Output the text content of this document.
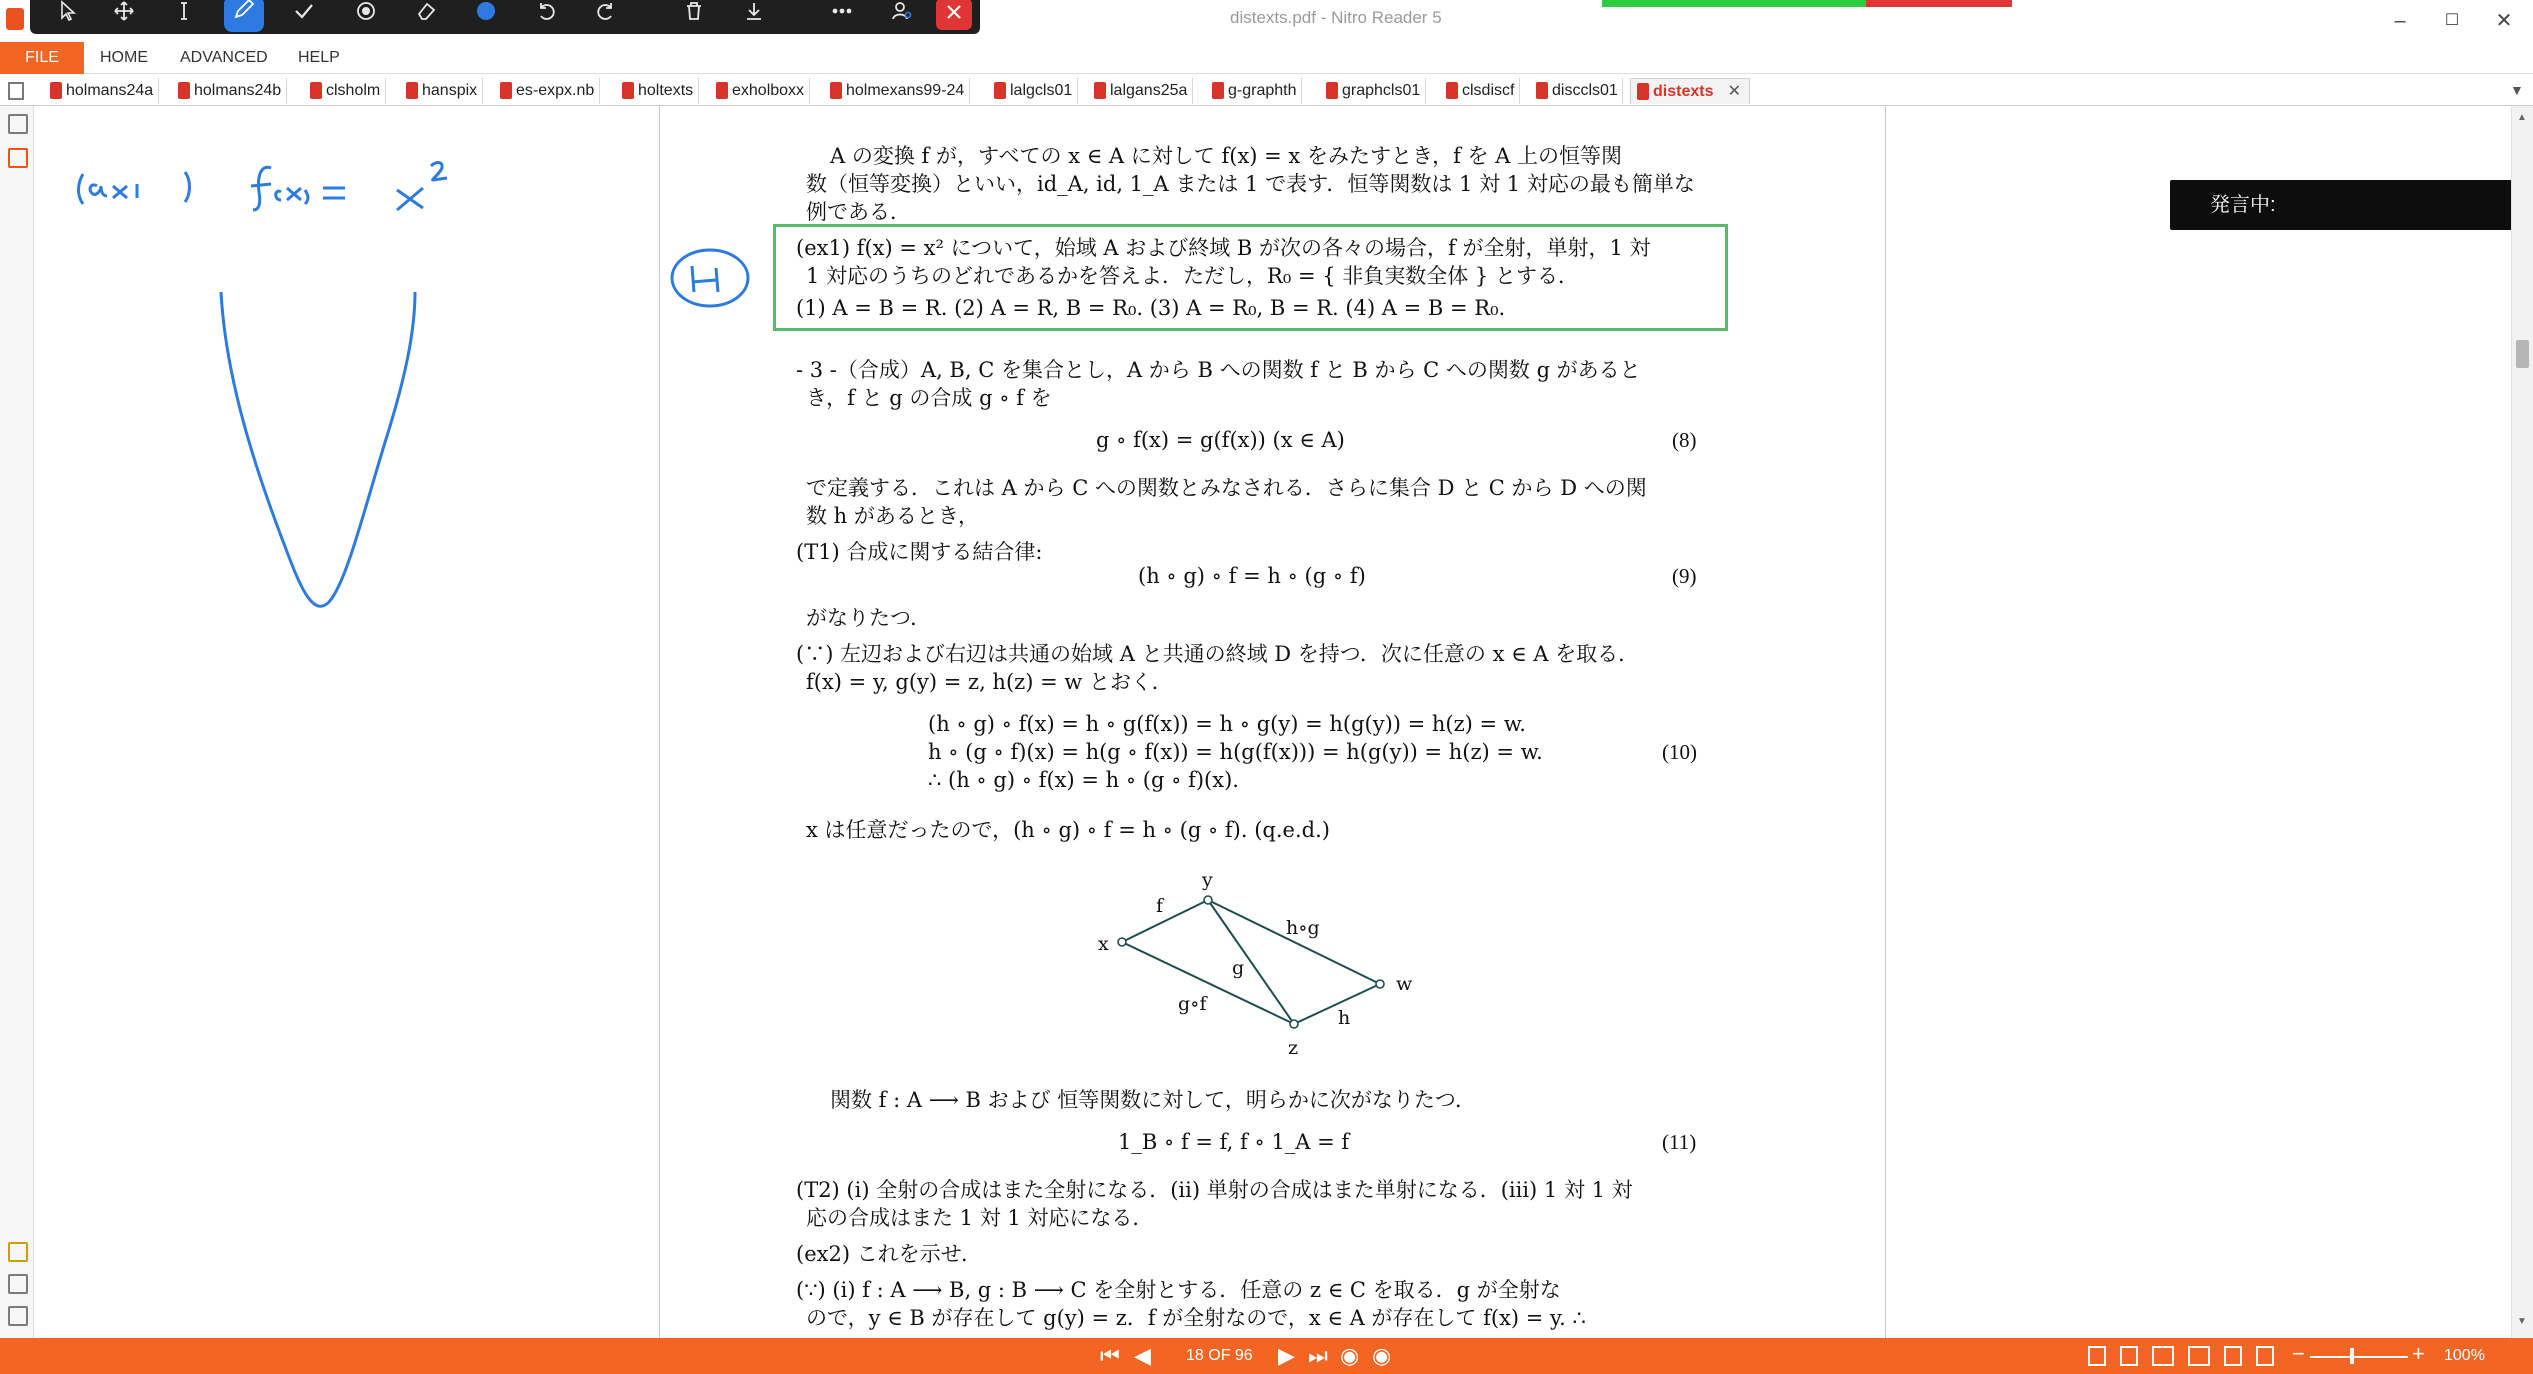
distexts.pdf - Nitro Reader 5	–	☐	✕
FILE	HOME ADVANCED HELP
holmans24a	holmans24b	clsholm	hanspix	es-expx.nb	holtexts	exholboxx	holmexans99-24	lalgcls01	lalgans25a	g-graphth	graphcls01	clsdiscf	disccls01	distexts ✕	▼
A の変換 f が，すべての x ∈ A に対して f(x) = x をみたすとき，f を A 上の恒等関
数（恒等変換）といい，id_A, id, 1_A または 1 で表す．恒等関数は 1 対 1 対応の最も簡単な
例である．
(ex1) f(x) = x² について，始域 A および終域 B が次の各々の場合，f が全射，単射，1 対
1 対応のうちのどれであるかを答えよ．ただし，R₀ = { 非負実数全体 } とする．
(1) A = B = R. (2) A = R, B = R₀. (3) A = R₀, B = R. (4) A = B = R₀.
- 3 -（合成）A, B, C を集合とし，A から B への関数 f と B から C への関数 g があると
き，f と g の合成 g ∘ f を
g ∘ f(x) = g(f(x)) (x ∈ A)	(8)
で定義する．これは A から C への関数とみなされる．さらに集合 D と C から D への関
数 h があるとき，
(T1) 合成に関する結合律:
(h ∘ g) ∘ f = h ∘ (g ∘ f)	(9)
がなりたつ．
(∵) 左辺および右辺は共通の始域 A と共通の終域 D を持つ．次に任意の x ∈ A を取る．
f(x) = y, g(y) = z, h(z) = w とおく．
(h ∘ g) ∘ f(x) = h ∘ g(f(x)) = h ∘ g(y) = h(g(y)) = h(z) = w.
h ∘ (g ∘ f)(x) = h(g ∘ f(x)) = h(g(f(x))) = h(g(y)) = h(z) = w.
∴ (h ∘ g) ∘ f(x) = h ∘ (g ∘ f)(x).
(10)
x は任意だったので，(h ∘ g) ∘ f = h ∘ (g ∘ f). (q.e.d.)
x
y
z
w
f
g
h∘g
g∘f
h
関数 f : A ⟶ B および 恒等関数に対して，明らかに次がなりたつ．
1_B ∘ f = f, f ∘ 1_A = f	(11)
(T2) (i) 全射の合成はまた全射になる．(ii) 単射の合成はまた単射になる．(iii) 1 対 1 対
応の合成はまた 1 対 1 対応になる．
(ex2) これを示せ．
(∵) (i) f : A ⟶ B, g : B ⟶ C を全射とする．任意の z ∈ C を取る．g が全射な
ので，y ∈ B が存在して g(y) = z．f が全射なので，x ∈ A が存在して f(x) = y. ∴
発言中:
▲
▼
⏮ ◀ 18 OF 96 ▶ ⏭ ◉ ◉	−	+ 100%
